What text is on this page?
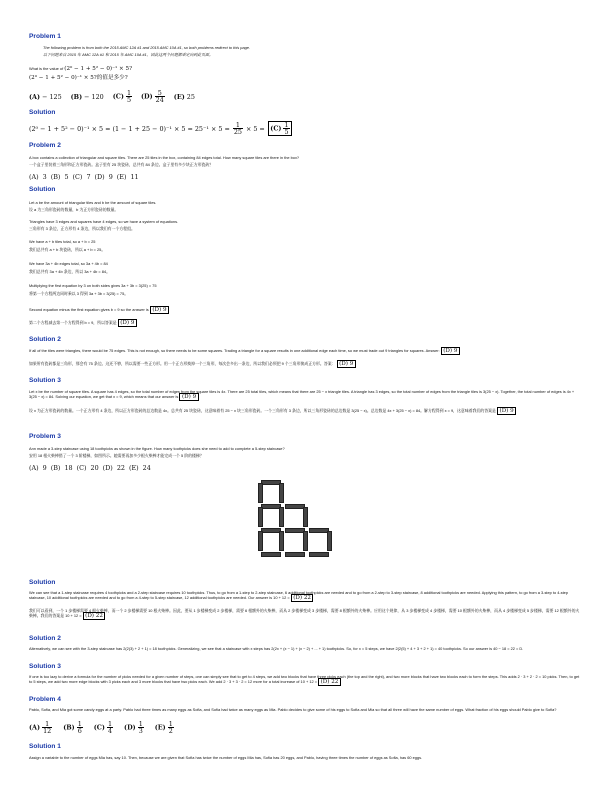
Problem 1
The following problem is from both the 2015 AMC 12A #1 and 2015 AMC 10A #1, so both problems redirect to this page.
以下问题来自 2015 年 AMC 12A #1 和 2015 年 AMC 10A #1，因此这两个问题都重定向到此页面。
What is the value of (2⁰ − 1 + 5² − 0)⁻¹ × 5?
(2⁰ − 1 + 5² − 0)⁻¹ × 5?的值是多少?
(A) − 125 (B) − 120 $(C) \frac{1}{5} (D) \frac{5}{24} (E)$ 25
Solution
$(2^0 - 1 + 5^2 - 0)^{-1} \times 5 = (1 - 1 + 25 - 0)^{-1} \times 5 = 25^{-1} \times 5 = \frac{1}{25} \times 5 = (C) \frac{1}{5}$
Problem 2
A box contains a collection of triangular and square tiles. There are 25 tiles in the box, containing 84 edges total. How many square tiles are there in the box?
一个盒子里装着三角形和正方形瓷砖。盒子里有 25 块瓷砖，总共有 84 条边。盒子里有多少块正方形瓷砖？
(A) 3 (B) 5 (C) 7 (D) 9 (E) 11
Solution
Let a be the amount of triangular tiles and b be the amount of square tiles.
设 a 为三角形瓷砖的数量，b 为正方形瓷砖的数量。
Triangles have 3 edges and squares have 4 edges, so we have a system of equations.
三角形有 3 条边，正方形有 4 条边，所以我们有一个方程组。
We have a + b tiles total, so a + b = 25
我们总共有 a + b 块瓷砖，所以 a + b = 25。
We have 3a + 4b edges total, so 3a + 4b = 84
我们总共有 3a + 4b 条边，所以 3a + 4b = 84。
Multiplying the first equation by 3 on both sides gives 3a + 3b = 3(25) = 75
将第一个方程两边同时乘以 3 得到 3a + 3b = 3(25) = 75。
Second equation minus the first equation gives b = 9 so the answer is (D) 9
第二个方程减去第一个方程得到 b = 9，所以答案是 (D) 9
Solution 2
If all of the tiles were triangles, there would be 75 edges. This is not enough, so there needs to be some squares. Trading a triangle for a square results in one additional edge each time, so we must trade out 9 triangles for squares. Answer: (D) 9
如果所有瓷砖都是三角形，那会有 75 条边。这还不够，所以需要一些正方形。用一个正方形换掉一个三角形，每次会多出一条边，所以我们必须把 9 个三角形换成正方形。答案： (D) 9
Solution 3
Let x be the number of square tiles. A square has 4 edges, so the total number of edges from the square tiles is 4x. There are 25 total tiles, which means that there are 25 − x triangle tiles. A triangle has 3 edges, so the total number of edges from the triangle tiles is 3(25 − x). Together, the total number of edges is 4x + 3(25 − x) = 84. Solving our equation, we get that x = 9, which means that our answer is (D) 9
设 x 为正方形瓷砖的数量。一个正方形有 4 条边，所以正方形瓷砖的总边数是 4x。总共有 25 块瓷砖，这意味着有 25 − x 块三角形瓷砖。一个三角形有 3 条边，所以三角形瓷砖的总边数是 3(25 − x)。总边数是 4x + 3(25 − x) = 84。解方程得到 x = 9，这意味着我们的答案是 (D) 9
Problem 3
Ann made a 3-step staircase using 18 toothpicks as shown in the figure. How many toothpicks does she need to add to complete a 5-step staircase?
安用 18 根火柴棒搭了一个 3 阶楼梯，如图所示。她需要再加多少根火柴棒才能完成一个 5 阶的楼梯？
(A) 9 (B) 18 (C) 20 (D) 22 (E) 24
Solution
We can see that a 1-step staircase requires 4 toothpicks and a 2-step staircase requires 10 toothpicks. Thus, to go from a 1-step to 2-step staircase, 6 additional toothpicks are needed and to go from a 2-step to 3-step staircase, 8 additional toothpicks are needed. Applying this pattern, to go from a 3-step to 4-step staircase, 10 additional toothpicks are needed and to go from a 4-step to 5-step staircase, 12 additional toothpicks are needed. Our answer is 10 + 12 = (D) 22
我们可以看到，一个 1 步楼梯需要 4 根火柴棒，而一个 2 步楼梯需要 10 根火柴棒。因此，要从 1 步楼梯变成 2 步楼梯，需要 6 根额外的火柴棒，而从 2 步楼梯变成 3 步楼梯，需要 8 根额外的火柴棒。应用这个规律，从 3 步楼梯变成 4 步楼梯，需要 10 根额外的火柴棒，而从 4 步楼梯变成 5 步楼梯，需要 12 根额外的火柴棒。我们的答案是 10 + 12 = (D) 22
Solution 2
Alternatively, we can see with the 3-step staircase has 2(2(3) + 2 + 1) = 18 toothpicks. Generalizing, we see that a staircase with x steps has 2(2x + (x − 1) + (x − 2) + ... + 1) toothpicks. So, for x = 5 steps, we have 2(2(5) + 4 + 3 + 2 + 1) = 40 toothpicks. So our answer is 40 − 18 = 22 = D.
Solution 3
If one is too lazy to derive a formula for the number of picks needed for a given number of steps, one can simply see that to get to 4 steps, we add two blocks that have three picks each (the top and the right), and two more blocks that have two blocks each to form the steps. This adds 2 · 3 + 2 · 2 = 10 picks. Then, to get to 5 steps, we add two more edge blocks with 3 picks each and 3 more blocks that have two picks each. We add 2 · 3 + 3 · 2 = 12 more for a total increase of 10 + 12 = (D) 22
Problem 4
Pablo, Sofia, and Mia got some candy eggs at a party. Pablo had three times as many eggs as Sofia, and Sofia had twice as many eggs as Mia. Pablo decides to give some of his eggs to Sofia and Mia so that all three will have the same number of eggs. What fraction of his eggs should Pablo give to Sofia?
$(A) \frac{1}{12} (B) \frac{1}{6} (C) \frac{1}{4} (D) \frac{1}{3} (E) \frac{1}{2}$
Solution 1
Assign a variable to the number of eggs Mia has, say 10. Then, because we are given that Sofia has twice the number of eggs Mia has, Sofia has 20 eggs, and Pablo, having three times the number of eggs as Sofia, has 60 eggs.
